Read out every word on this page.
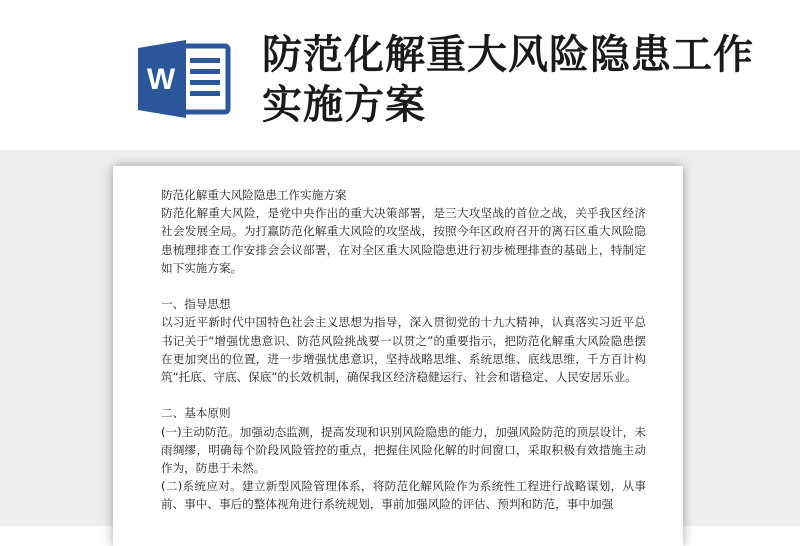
W
防范化解重大风险隐患工作实施方案

防范化解重大风险隐患工作实施方案

防范化解重大风险，是党中央作出的重大决策部署，是三大攻坚战的首位之战，关乎我区经济社会发展全局。为打赢防范化解重大风险的攻坚战，按照今年区政府召开的离石区重大风险隐患梳理排查工作安排会会议部署，在对全区重大风险隐患进行初步梳理排查的基础上，特制定如下实施方案。

一、指导思想

以习近平新时代中国特色社会主义思想为指导，深入贯彻党的十九大精神，认真落实习近平总书记关于“增强忧患意识、防范风险挑战要一以贯之”的重要指示，把防范化解重大风险隐患摆在更加突出的位置，进一步增强忧患意识，坚持战略思维、系统思维、底线思维，千方百计构筑“托底、守底、保底”的长效机制，确保我区经济稳健运行、社会和谐稳定、人民安居乐业。

二、基本原则

(一)主动防范。加强动态监测，提高发现和识别风险隐患的能力，加强风险防范的顶层设计，未雨绸缪，明确每个阶段风险管控的重点，把握住风险化解的时间窗口，采取积极有效措施主动作为，防患于未然。

(二)系统应对。建立新型风险管理体系，将防范化解风险作为系统性工程进行战略谋划，从事前、事中、事后的整体视角进行系统规划，事前加强风险的评估、预判和防范，事中加强
